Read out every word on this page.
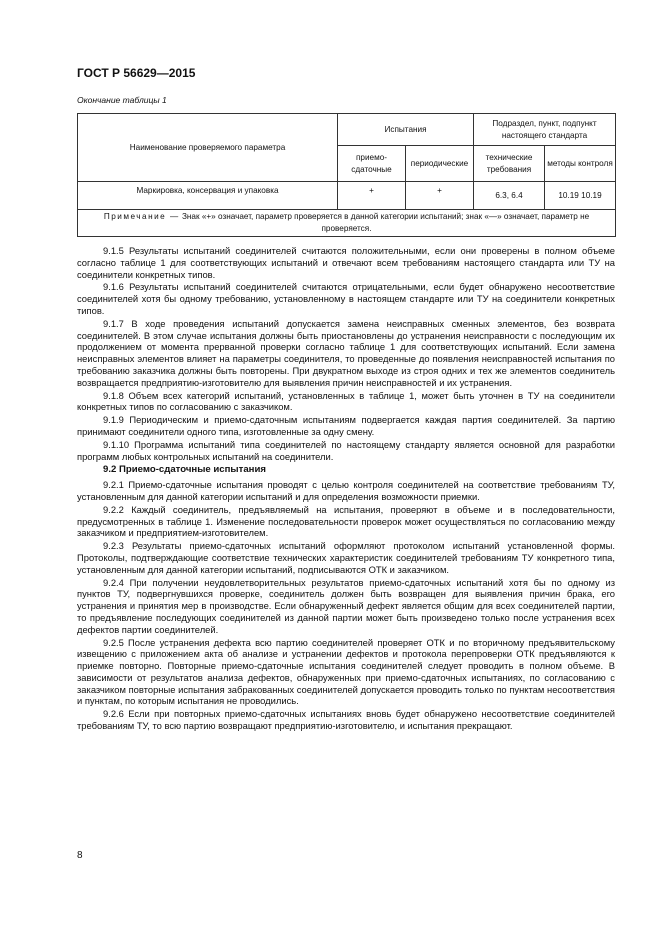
ГОСТ Р 56629—2015
Окончание таблицы 1
Наименование проверяемого параметра	Испытания		Подраздел, пункт, подпункт настоящего стандарта	
	приемо-сдаточные	периодические	технические требования	методы контроля
Маркировка, консервация и упаковка	+	+	6.3, 6.4	10.19 10.19
Примечание — Знак «+» означает, параметр проверяется в данной категории испытаний; знак «—» означает, параметр не проверяется.				

9.1.5 Результаты испытаний соединителей считаются положительными, если они проверены в полном объеме согласно таблице 1 для соответствующих испытаний и отвечают всем требованиям настоящего стандарта или ТУ на соединители конкретных типов.

9.1.6 Результаты испытаний соединителей считаются отрицательными, если будет обнаружено несоответствие соединителей хотя бы одному требованию, установленному в настоящем стандарте или ТУ на соединители конкретных типов.

9.1.7 В ходе проведения испытаний допускается замена неисправных сменных элементов, без возврата соединителей. В этом случае испытания должны быть приостановлены до устранения неисправности с последующим их продолжением от момента прерванной проверки согласно таблице 1 для соответствующих испытаний. Если замена неисправных элементов влияет на параметры соединителя, то проведенные до появления неисправностей испытания по требованию заказчика должны быть повторены. При двукратном выходе из строя одних и тех же элементов соединитель возвращается предприятию-изготовителю для выявления причин неисправностей и их устранения.

9.1.8 Объем всех категорий испытаний, установленных в таблице 1, может быть уточнен в ТУ на соединители конкретных типов по согласованию с заказчиком.

9.1.9 Периодическим и приемо-сдаточным испытаниям подвергается каждая партия соединителей. За партию принимают соединители одного типа, изготовленные за одну смену.

9.1.10 Программа испытаний типа соединителей по настоящему стандарту является основной для разработки программ любых контрольных испытаний на соединители.

9.2 Приемо-сдаточные испытания

9.2.1 Приемо-сдаточные испытания проводят с целью контроля соединителей на соответствие требованиям ТУ, установленным для данной категории испытаний и для определения возможности приемки.

9.2.2 Каждый соединитель, предъявляемый на испытания, проверяют в объеме и в последовательности, предусмотренных в таблице 1. Изменение последовательности проверок может осуществляться по согласованию между заказчиком и предприятием-изготовителем.

9.2.3 Результаты приемо-сдаточных испытаний оформляют протоколом испытаний установленной формы. Протоколы, подтверждающие соответствие технических характеристик соединителей требованиям ТУ конкретного типа, установленным для данной категории испытаний, подписываются ОТК и заказчиком.

9.2.4 При получении неудовлетворительных результатов приемо-сдаточных испытаний хотя бы по одному из пунктов ТУ, подвергнувшихся проверке, соединитель должен быть возвращен для выявления причин брака, его устранения и принятия мер в производстве. Если обнаруженный дефект является общим для всех соединителей партии, то предъявление последующих соединителей из данной партии может быть произведено только после устранения всех дефектов партии соединителей.

9.2.5 После устранения дефекта всю партию соединителей проверяет ОТК и по вторичному предъявительскому извещению с приложением акта об анализе и устранении дефектов и протокола перепроверки ОТК предъявляются к приемке повторно. Повторные приемо-сдаточные испытания соединителей следует проводить в полном объеме. В зависимости от результатов анализа дефектов, обнаруженных при приемо-сдаточных испытаниях, по согласованию с заказчиком повторные испытания забракованных соединителей допускается проводить только по пунктам несоответствия и пунктам, по которым испытания не проводились.

9.2.6 Если при повторных приемо-сдаточных испытаниях вновь будет обнаружено несоответствие соединителей требованиям ТУ, то всю партию возвращают предприятию-изготовителю, и испытания прекращают.

8
